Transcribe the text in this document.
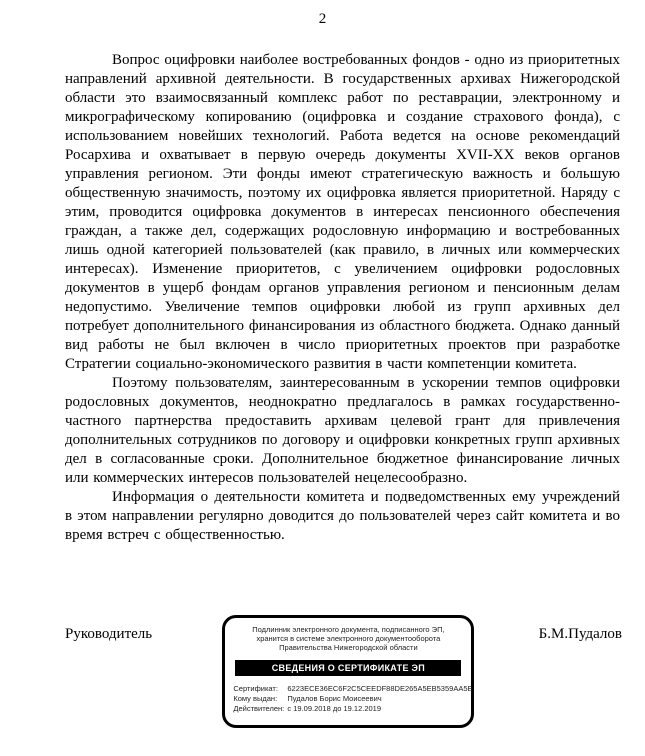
2

Вопрос оцифровки наиболее востребованных фондов - одно из приоритетных направлений архивной деятельности. В государственных архивах Нижегородской области это взаимосвязанный комплекс работ по реставрации, электронному и микрографическому копированию (оцифровка и создание страхового фонда), с использованием новейших технологий. Работа ведется на основе рекомендаций Росархива и охватывает в первую очередь документы XVII-XX веков органов управления регионом. Эти фонды имеют стратегическую важность и большую общественную значимость, поэтому их оцифровка является приоритетной. Наряду с этим, проводится оцифровка документов в интересах пенсионного обеспечения граждан, а также дел, содержащих родословную информацию и востребованных лишь одной категорией пользователей (как правило, в личных или коммерческих интересах). Изменение приоритетов, с увеличением оцифровки родословных документов в ущерб фондам органов управления регионом и пенсионным делам недопустимо. Увеличение темпов оцифровки любой из групп архивных дел потребует дополнительного финансирования из областного бюджета. Однако данный вид работы не был включен в число приоритетных проектов при разработке Стратегии социально-экономического развития в части компетенции комитета.

Поэтому пользователям, заинтересованным в ускорении темпов оцифровки родословных документов, неоднократно предлагалось в рамках государственно-частного партнерства предоставить архивам целевой грант для привлечения дополнительных сотрудников по договору и оцифровки конкретных групп архивных дел в согласованные сроки. Дополнительное бюджетное финансирование личных или коммерческих интересов пользователей нецелесообразно.

Информация о деятельности комитета и подведомственных ему учреждений в этом направлении регулярно доводится до пользователей через сайт комитета и во время встреч с общественностью.

Руководитель	Подлинник электронного документа, подписанного ЭП,
хранится в системе электронного документооборота
Правительства Нижегородской области
СВЕДЕНИЯ О СЕРТИФИКАТЕ ЭП
Сертификат:	6223ECE36EC6F2C5CEEDF88DE265A5EB5359AA5E
Кому выдан:	Пудалов Борис Моисеевич
Действителен: с 19.09.2018 до 19.12.2019
Б.М.Пудалов
